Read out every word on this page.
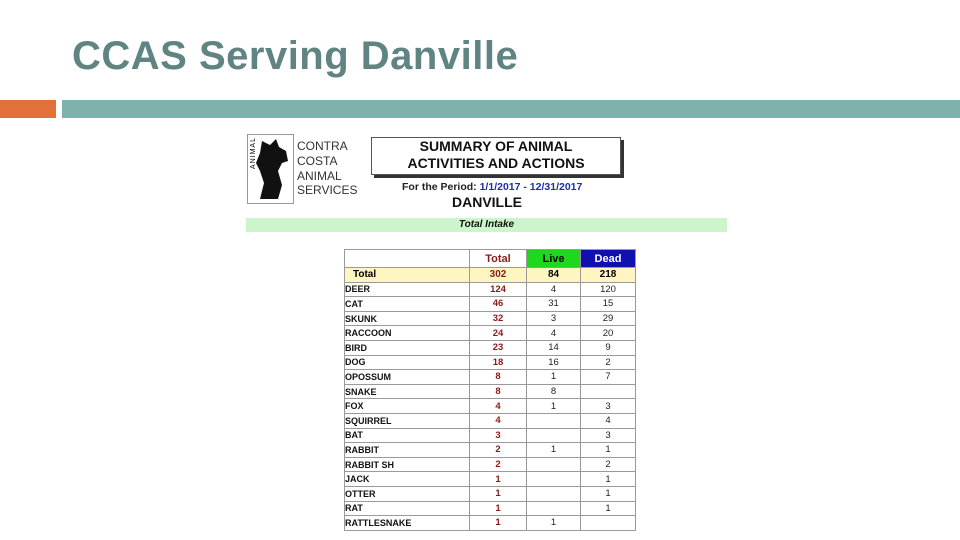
CCAS Serving Danville
ANIMAL	CONTRA
COSTA
ANIMAL
SERVICES
SUMMARY OF ANIMAL
ACTIVITIES AND ACTIONS
For the Period: 1/1/2017 - 12/31/2017
DANVILLE
Total Intake
	Total	Live	Dead
Total	302	84	218
DEER	124	4	120
CAT	46	31	15
SKUNK	32	3	29
RACCOON	24	4	20
BIRD	23	14	9
DOG	18	16	2
OPOSSUM	8	1	7
SNAKE	8	8	
FOX	4	1	3
SQUIRREL	4		4
BAT	3		3
RABBIT	2	1	1
RABBIT SH	2		2
JACK	1		1
OTTER	1		1
RAT	1		1
RATTLESNAKE	1	1	
